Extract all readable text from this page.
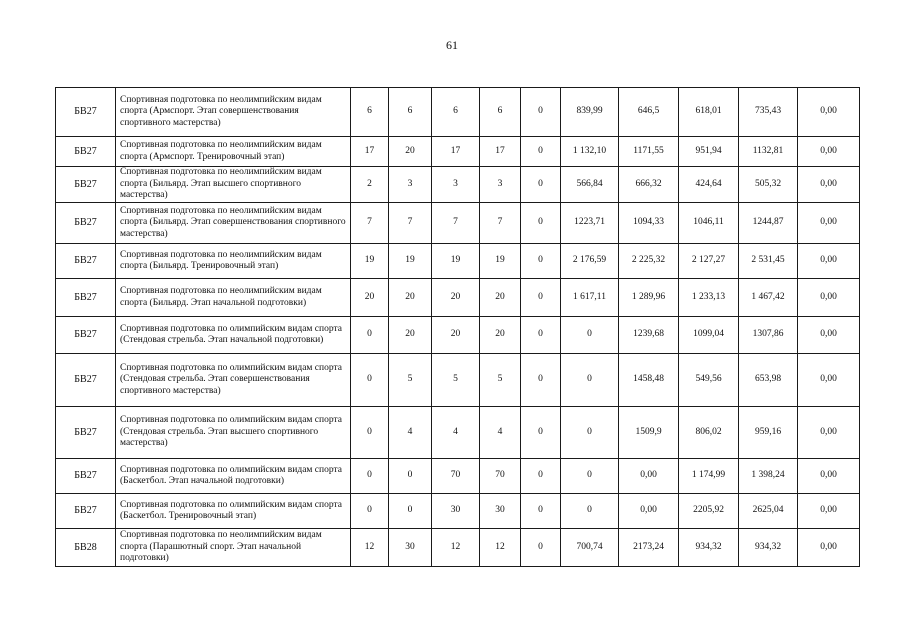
61
БВ27	Спортивная подготовка по неолимпийским видам спорта (Армспорт. Этап совершенствования спортивного мастерства)	6	6	6	6	0	839,99	646,5	618,01	735,43	0,00
БВ27	Спортивная подготовка по неолимпийским видам спорта (Армспорт. Тренировочный этап)	17	20	17	17	0	1 132,10	1171,55	951,94	1132,81	0,00
БВ27	Спортивная подготовка по неолимпийским видам спорта (Бильярд. Этап высшего спортивного мастерства)	2	3	3	3	0	566,84	666,32	424,64	505,32	0,00
БВ27	Спортивная подготовка по неолимпийским видам спорта (Бильярд. Этап совершенствования спортивного мастерства)	7	7	7	7	0	1223,71	1094,33	1046,11	1244,87	0,00
БВ27	Спортивная подготовка по неолимпийским видам спорта (Бильярд. Тренировочный этап)	19	19	19	19	0	2 176,59	2 225,32	2 127,27	2 531,45	0,00
БВ27	Спортивная подготовка по неолимпийским видам спорта (Бильярд. Этап начальной подготовки)	20	20	20	20	0	1 617,11	1 289,96	1 233,13	1 467,42	0,00
БВ27	Спортивная подготовка по олимпийским видам спорта (Стендовая стрельба. Этап начальной подготовки)	0	20	20	20	0	0	1239,68	1099,04	1307,86	0,00
БВ27	Спортивная подготовка по олимпийским видам спорта (Стендовая стрельба. Этап совершенствования спортивного мастерства)	0	5	5	5	0	0	1458,48	549,56	653,98	0,00
БВ27	Спортивная подготовка по олимпийским видам спорта (Стендовая стрельба. Этап высшего спортивного мастерства)	0	4	4	4	0	0	1509,9	806,02	959,16	0,00
БВ27	Спортивная подготовка по олимпийским видам спорта (Баскетбол. Этап начальной подготовки)	0	0	70	70	0	0	0,00	1 174,99	1 398,24	0,00
БВ27	Спортивная подготовка по олимпийским видам спорта (Баскетбол. Тренировочный этап)	0	0	30	30	0	0	0,00	2205,92	2625,04	0,00
БВ28	Спортивная подготовка по неолимпийским видам спорта (Парашютный спорт. Этап начальной подготовки)	12	30	12	12	0	700,74	2173,24	934,32	934,32	0,00
